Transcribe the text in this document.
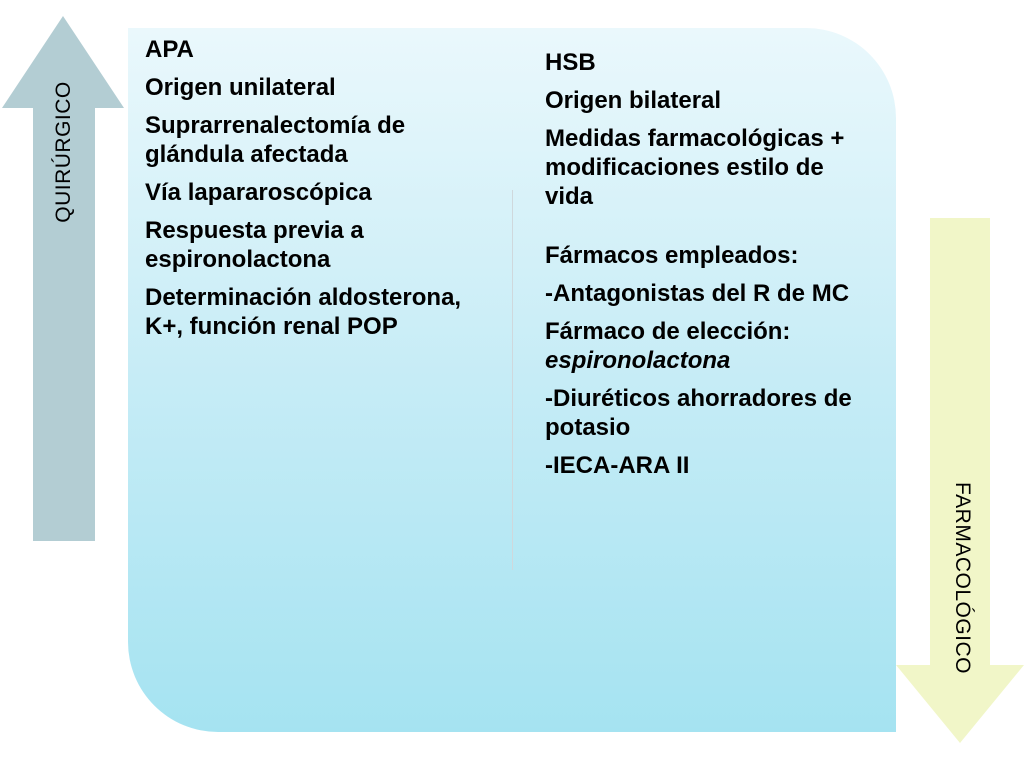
QUIRÚRGICO
FARMACOLÓGICO

APA

Origen unilateral

Suprarrenalectomía de glándula afectada

Vía lapararoscópica

Respuesta previa a espironolactona

Determinación aldosterona, K+, función renal POP

HSB

Origen bilateral

Medidas farmacológicas + modificaciones estilo de vida

Fármacos empleados:

-Antagonistas del R de MC

Fármaco de elección:
espironolactona

-Diuréticos ahorradores de potasio

-IECA-ARA II
